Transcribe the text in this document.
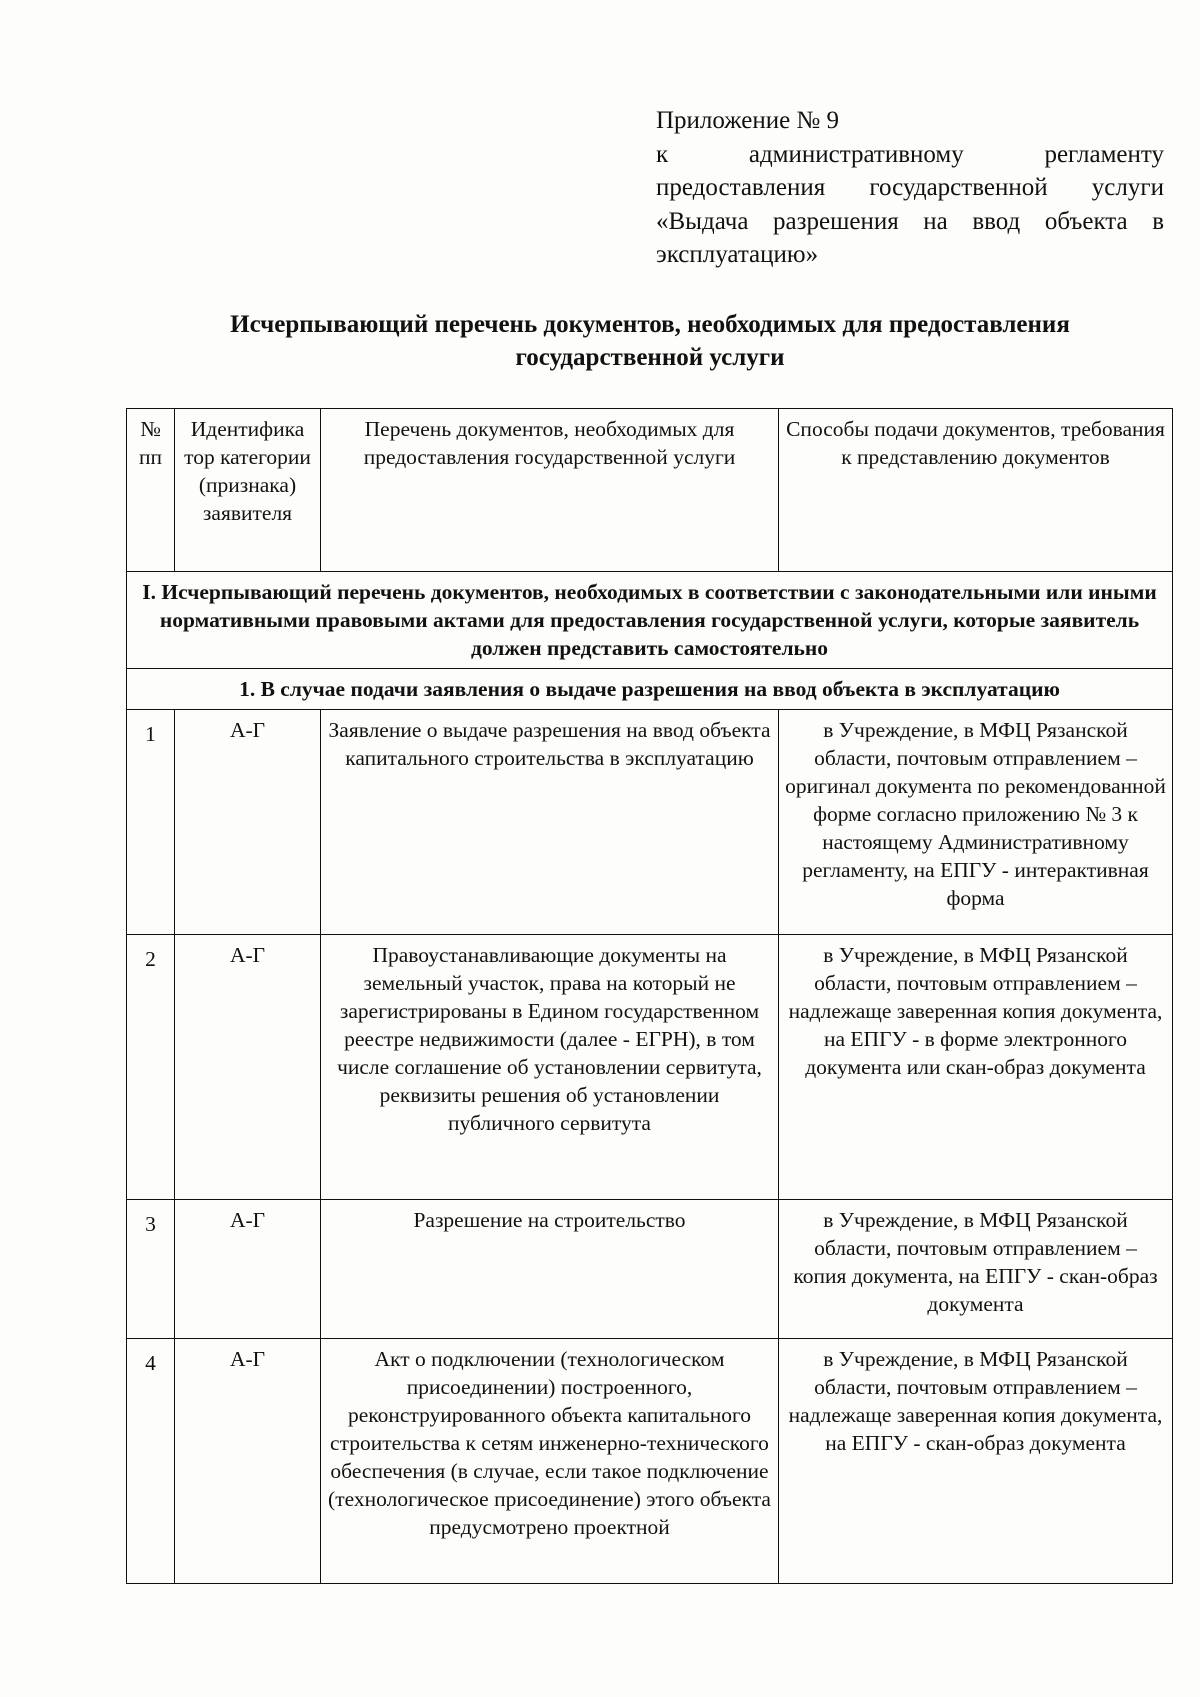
Приложение № 9
к административному регламенту
предоставления государственной услуги
«Выдача разрешения на ввод объекта в
эксплуатацию»
Исчерпывающий перечень документов, необходимых для предоставления
государственной услуги
№ пп	Идентифика тор категории (признака) заявителя	Перечень документов, необходимых для предоставления государственной услуги	Способы подачи документов, требования к представлению документов
I. Исчерпывающий перечень документов, необходимых в соответствии с законодательными или иными нормативными правовыми актами для предоставления государственной услуги, которые заявитель должен представить самостоятельно			
1. В случае подачи заявления о выдаче разрешения на ввод объекта в эксплуатацию			
1	А-Г	Заявление о выдаче разрешения на ввод объекта капитального строительства в эксплуатацию	в Учреждение, в МФЦ Рязанской области, почтовым отправлением – оригинал документа по рекомендованной форме согласно приложению № 3 к настоящему Административному регламенту, на ЕПГУ - интерактивная форма
2	А-Г	Правоустанавливающие документы на земельный участок, права на который не зарегистрированы в Едином государственном реестре недвижимости (далее - ЕГРН), в том числе соглашение об установлении сервитута, реквизиты решения об установлении публичного сервитута	в Учреждение, в МФЦ Рязанской области, почтовым отправлением – надлежаще заверенная копия документа, на ЕПГУ - в форме электронного документа или скан-образ документа
3	А-Г	Разрешение на строительство	в Учреждение, в МФЦ Рязанской области, почтовым отправлением – копия документа, на ЕПГУ - скан-образ документа
4	А-Г	Акт о подключении (технологическом присоединении) построенного, реконструированного объекта капитального строительства к сетям инженерно-технического обеспечения (в случае, если такое подключение (технологическое присоединение) этого объекта предусмотрено проектной	в Учреждение, в МФЦ Рязанской области, почтовым отправлением – надлежаще заверенная копия документа, на ЕПГУ - скан-образ документа
